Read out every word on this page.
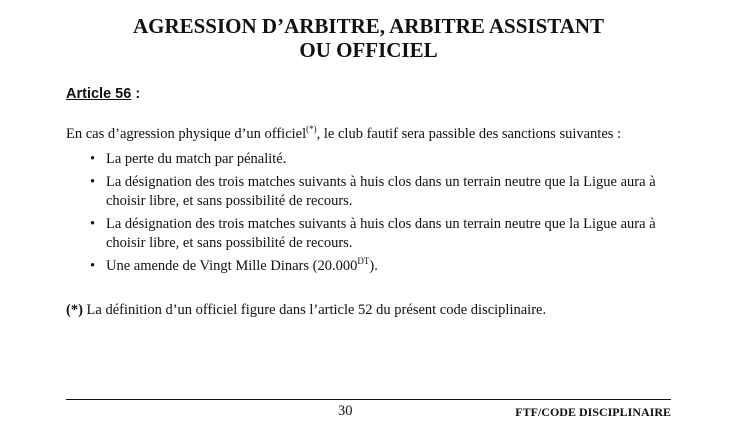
AGRESSION D’ARBITRE, ARBITRE ASSISTANT
OU OFFICIEL
Article 56 :
En cas d’agression physique d’un officiel(*), le club fautif sera passible des sanctions suivantes :
• La perte du match par pénalité.
• La désignation des trois matches suivants à huis clos dans un terrain neutre que la Ligue aura à choisir libre, et sans possibilité de recours.
• La désignation des trois matches suivants à huis clos dans un terrain neutre que la Ligue aura à choisir libre, et sans possibilité de recours.
• Une amende de Vingt Mille Dinars $(20.000^{DT})$.
(*) La définition d’un officiel figure dans l’article 52 du présent code disciplinaire.
30	FTF/CODE DISCIPLINAIRE
